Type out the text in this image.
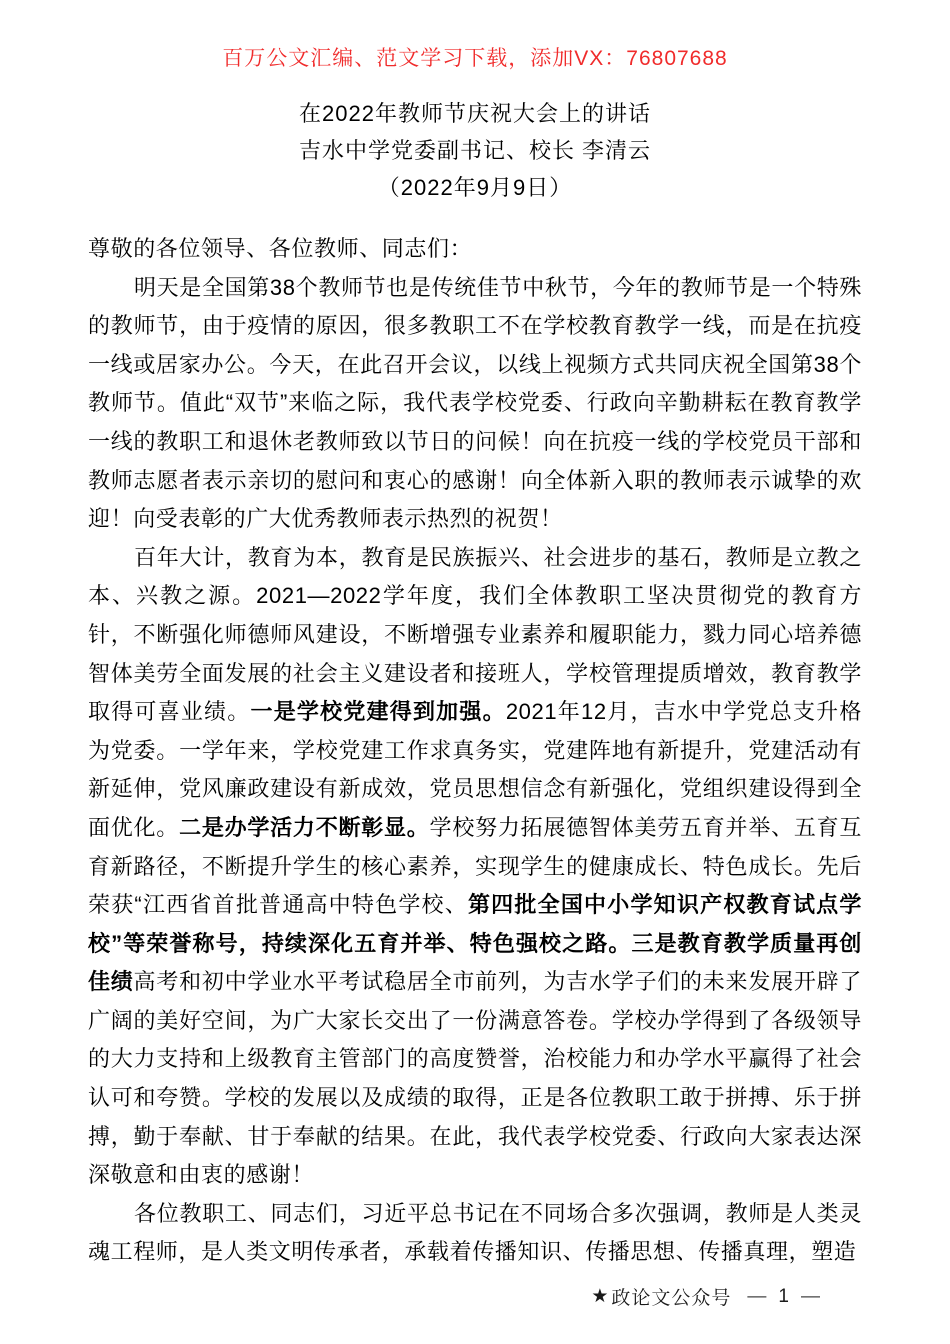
百万公文汇编、范文学习下载，添加VX：76807688
在2022年教师节庆祝大会上的讲话
吉水中学党委副书记、校长 李清云
（2022年9月9日）

尊敬的各位领导、各位教师、同志们：

明天是全国第38个教师节也是传统佳节中秋节，今年的教师节是一个特殊的教师节，由于疫情的原因，很多教职工不在学校教育教学一线，而是在抗疫一线或居家办公。今天，在此召开会议，以线上视频方式共同庆祝全国第38个教师节。值此“双节”来临之际，我代表学校党委、行政向辛勤耕耘在教育教学一线的教职工和退休老教师致以节日的问候！向在抗疫一线的学校党员干部和教师志愿者表示亲切的慰问和衷心的感谢！向全体新入职的教师表示诚挚的欢迎！向受表彰的广大优秀教师表示热烈的祝贺！

百年大计，教育为本，教育是民族振兴、社会进步的基石，教师是立教之本、兴教之源。2021—2022学年度，我们全体教职工坚决贯彻党的教育方针，不断强化师德师风建设，不断增强专业素养和履职能力，戮力同心培养德智体美劳全面发展的社会主义建设者和接班人，学校管理提质增效，教育教学取得可喜业绩。一是学校党建得到加强。2021年12月，吉水中学党总支升格为党委。一学年来，学校党建工作求真务实，党建阵地有新提升，党建活动有新延伸，党风廉政建设有新成效，党员思想信念有新强化，党组织建设得到全面优化。二是办学活力不断彰显。学校努力拓展德智体美劳五育并举、五育互育新路径，不断提升学生的核心素养，实现学生的健康成长、特色成长。先后荣获“江西省首批普通高中特色学校、第四批全国中小学知识产权教育试点学校”等荣誉称号，持续深化五育并举、特色强校之路。三是教育教学质量再创佳绩高考和初中学业水平考试稳居全市前列，为吉水学子们的未来发展开辟了广阔的美好空间，为广大家长交出了一份满意答卷。学校办学得到了各级领导的大力支持和上级教育主管部门的高度赞誉，治校能力和办学水平赢得了社会认可和夸赞。学校的发展以及成绩的取得，正是各位教职工敢于拼搏、乐于拼搏，勤于奉献、甘于奉献的结果。在此，我代表学校党委、行政向大家表达深深敬意和由衷的感谢！

各位教职工、同志们，习近平总书记在不同场合多次强调，教师是人类灵魂工程师，是人类文明传承者，承载着传播知识、传播思想、传播真理，塑造

★ 政论文公众号 — 1 —
